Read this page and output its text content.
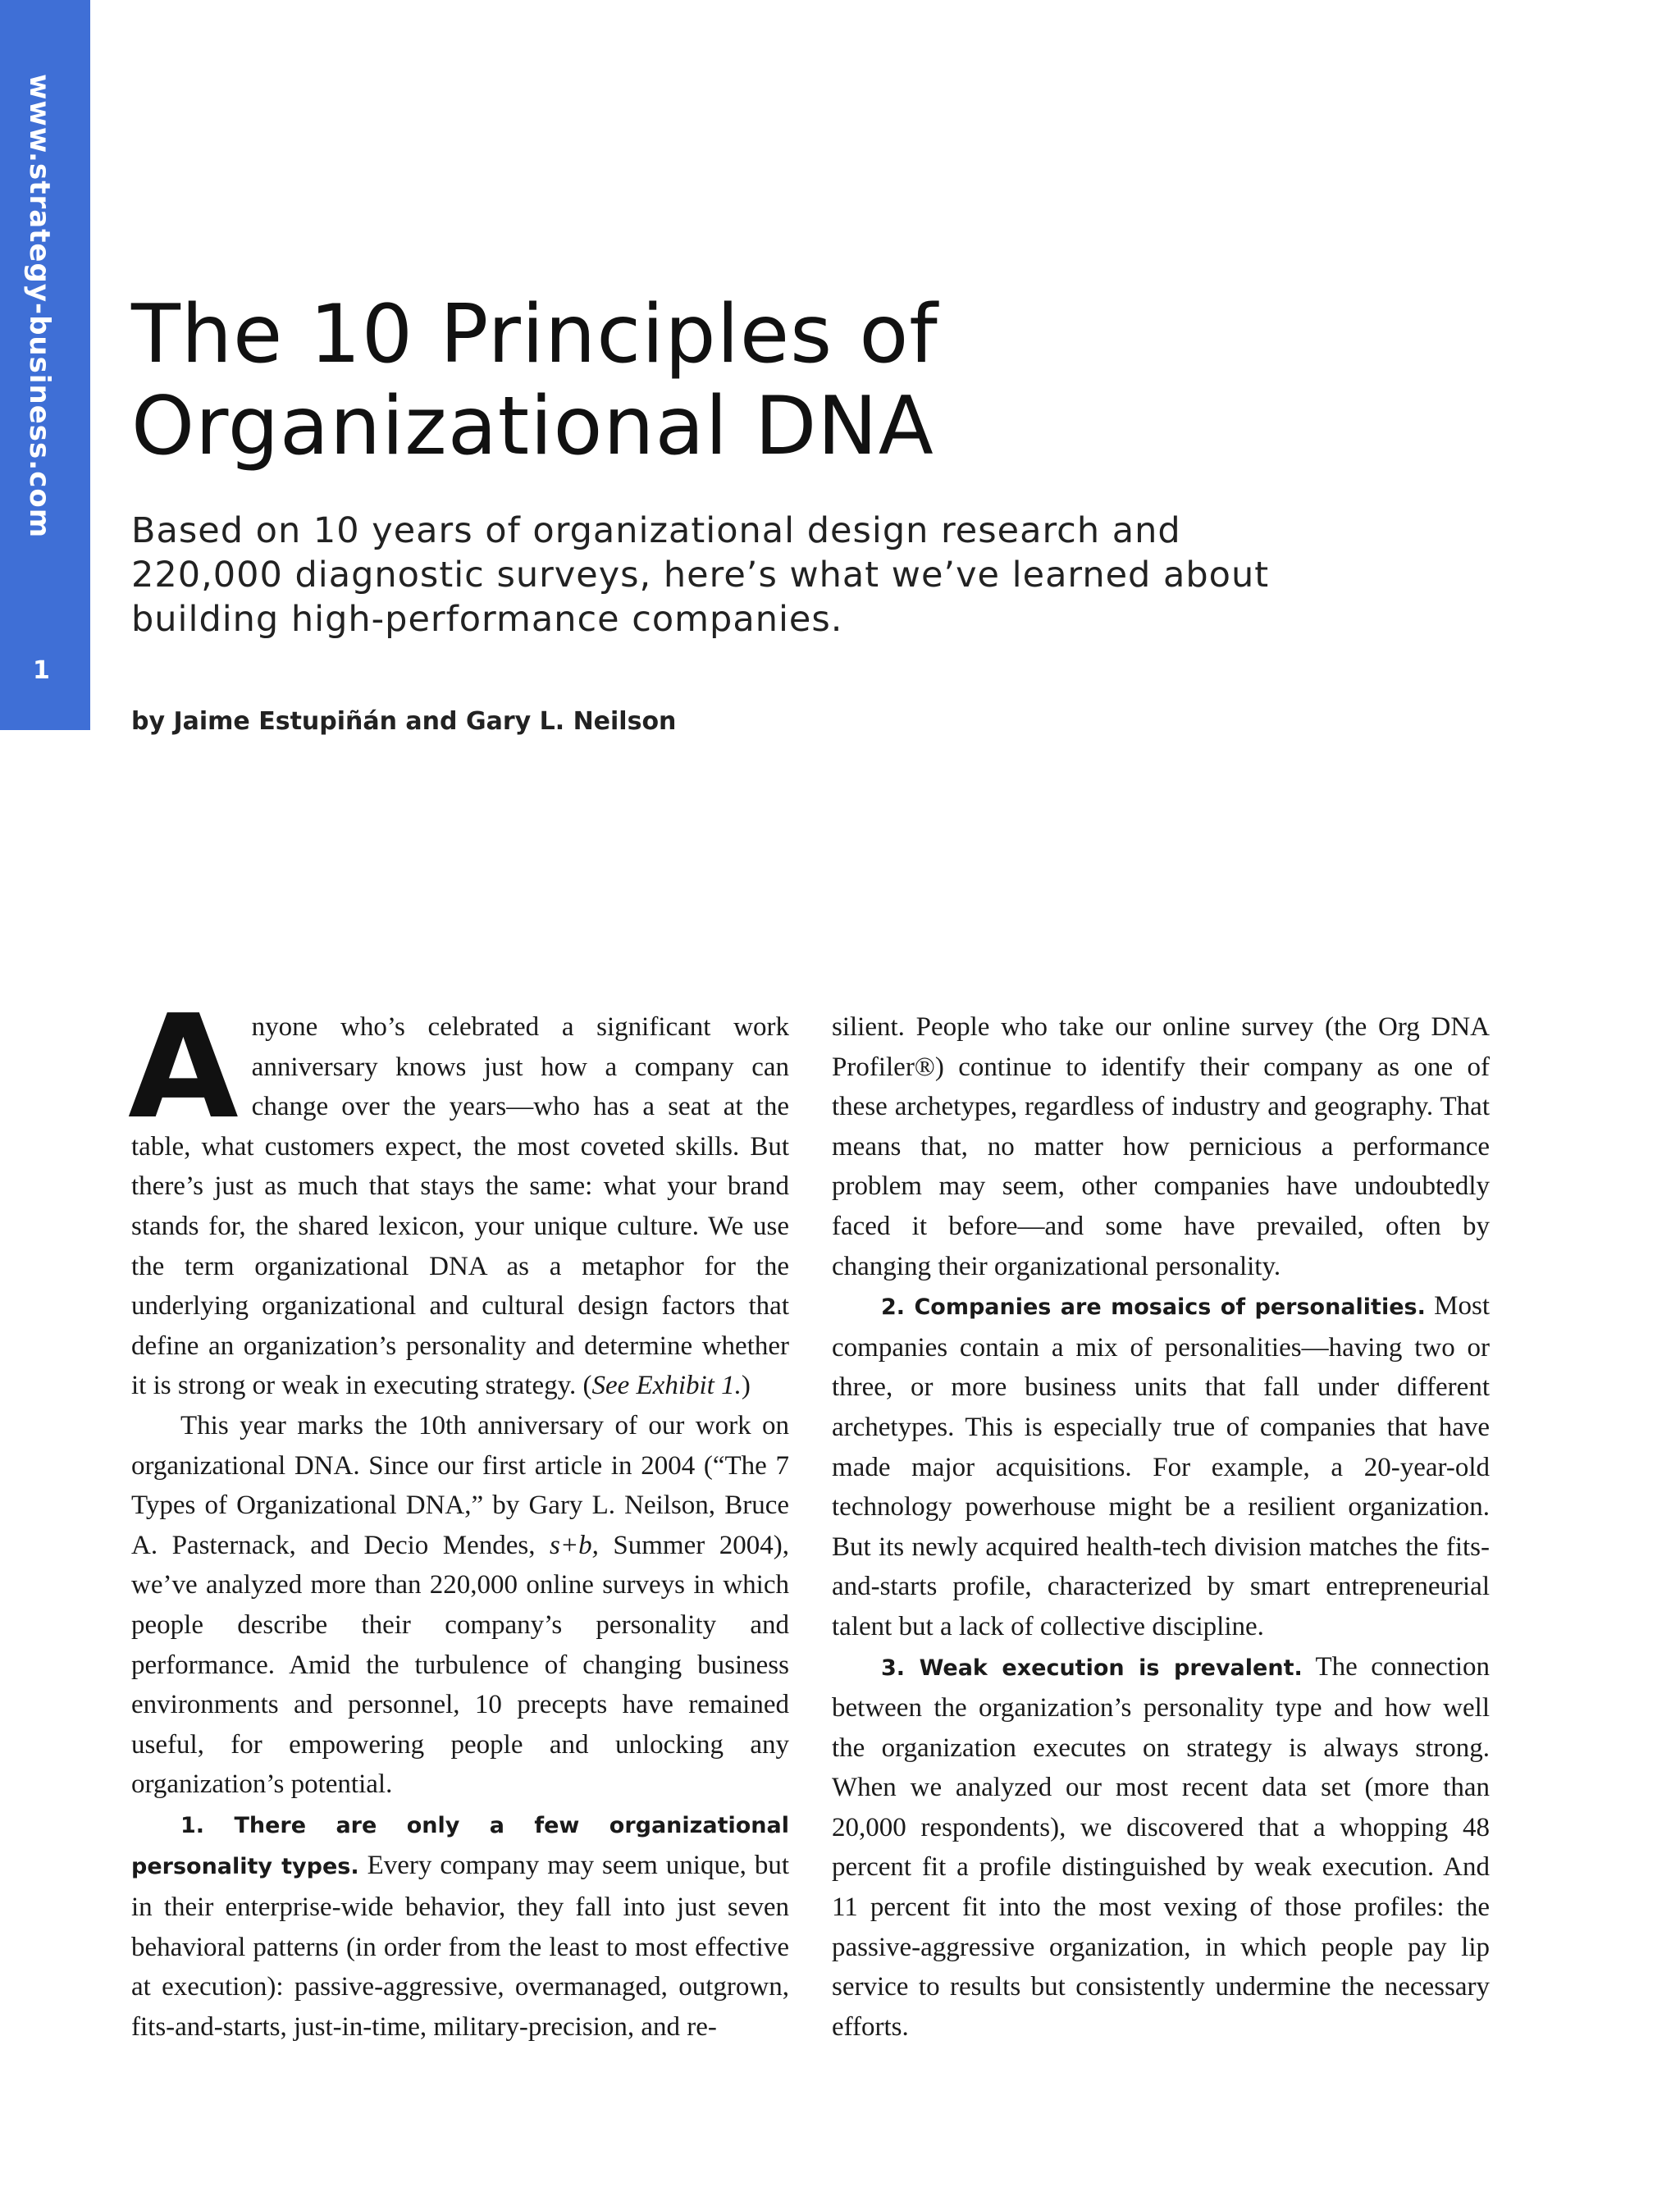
www.strategy-business.com
1
The 10 Principles of
Organizational DNA

Based on 10 years of organizational design research and 220,000 diagnostic surveys, here’s what we’ve learned about building high-performance companies.

by Jaime Estupiñán and Gary L. Neilson

Anyone who’s celebrated a significant work anniversary knows just how a company can change over the years—who has a seat at the table, what customers expect, the most coveted skills. But there’s just as much that stays the same: what your brand stands for, the shared lexicon, your unique culture. We use the term organizational DNA as a metaphor for the underlying organizational and cultural design factors that define an organization’s personality and determine whether it is strong or weak in executing strategy. (See Exhibit 1.)

This year marks the 10th anniversary of our work on organizational DNA. Since our first article in 2004 (“The 7 Types of Organizational DNA,” by Gary L. Neilson, Bruce A. Pasternack, and Decio Mendes, s+b, Summer 2004), we’ve analyzed more than 220,000 online surveys in which people describe their company’s personality and performance. Amid the turbulence of changing business environments and personnel, 10 precepts have remained useful, for empowering people and unlocking any organization’s potential.

1. There are only a few organizational personality types. Every company may seem unique, but in their enterprise-wide behavior, they fall into just seven behavioral patterns (in order from the least to most effective at execution): passive-aggressive, overmanaged, outgrown, fits-and-starts, just-in-time, military-precision, and re-

silient. People who take our online survey (the Org DNA Profiler®) continue to identify their company as one of these archetypes, regardless of industry and geography. That means that, no matter how pernicious a performance problem may seem, other companies have undoubtedly faced it before—and some have prevailed, often by changing their organizational personality.

2. Companies are mosaics of personalities. Most companies contain a mix of personalities—having two or three, or more business units that fall under different archetypes. This is especially true of companies that have made major acquisitions. For example, a 20-year-old technology powerhouse might be a resilient organization. But its newly acquired health-tech division matches the fits-and-starts profile, characterized by smart entrepreneurial talent but a lack of collective discipline.

3. Weak execution is prevalent. The connection between the organization’s personality type and how well the organization executes on strategy is always strong. When we analyzed our most recent data set (more than 20,000 respondents), we discovered that a whopping 48 percent fit a profile distinguished by weak execution. And 11 percent fit into the most vexing of those profiles: the passive-aggressive organization, in which people pay lip service to results but consistently undermine the necessary efforts.
